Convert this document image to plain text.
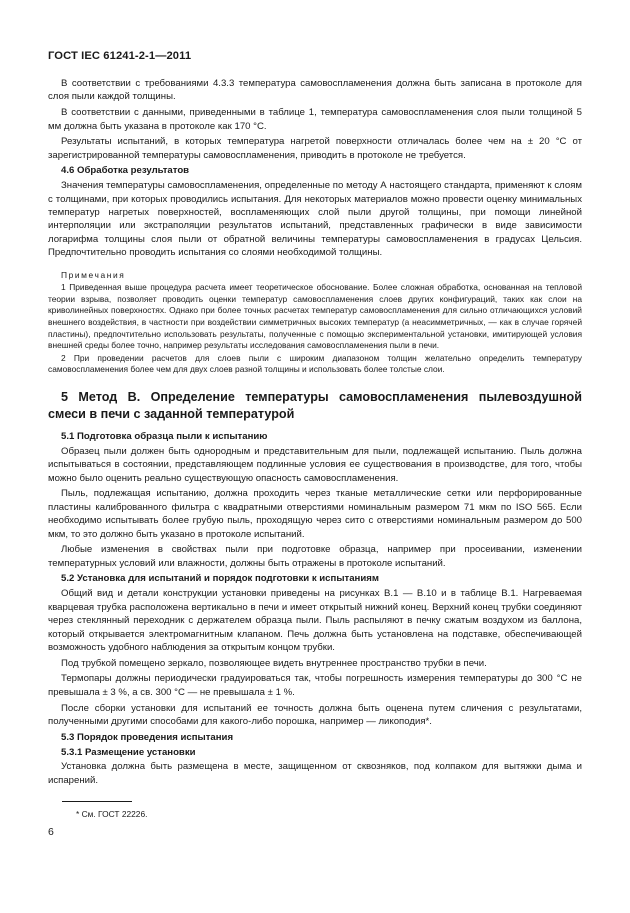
ГОСТ IEC 61241-2-1—2011

В соответствии с требованиями 4.3.3 температура самовоспламенения должна быть записана в протоколе для слоя пыли каждой толщины.

В соответствии с данными, приведенными в таблице 1, температура самовоспламенения слоя пыли толщиной 5 мм должна быть указана в протоколе как 170 °С.

Результаты испытаний, в которых температура нагретой поверхности отличалась более чем на ± 20 °С от зарегистрированной температуры самовоспламенения, приводить в протоколе не требуется.

4.6 Обработка результатов

Значения температуры самовоспламенения, определенные по методу А настоящего стандарта, применяют к слоям с толщинами, при которых проводились испытания. Для некоторых материалов можно провести оценку минимальных температур нагретых поверхностей, воспламеняющих слой пыли другой толщины, при помощи линейной интерполяции или экстраполяции результатов испытаний, представленных графически в виде зависимости логарифма толщины слоя пыли от обратной величины температуры самовоспламенения в градусах Цельсия. Предпочтительно проводить испытания со слоями необходимой толщины.

Примечания

1 Приведенная выше процедура расчета имеет теоретическое обоснование. Более сложная обработка, основанная на тепловой теории взрыва, позволяет проводить оценки температур самовоспламенения слоев других конфигураций, таких как слои на криволинейных поверхностях. Однако при более точных расчетах температур самовоспламенения для сильно отличающихся условий внешнего воздействия, в частности при воздействии симметричных высоких температур (а неасимметричных, — как в случае горячей пластины), предпочтительно использовать результаты, полученные с помощью экспериментальной установки, имитирующей условия внешней среды более точно, например результаты исследования самовоспламенения пыли в печи.

2 При проведении расчетов для слоев пыли с широким диапазоном толщин желательно определить температуру самовоспламенения более чем для двух слоев разной толщины и использовать более толстые слои.

5 Метод В. Определение температуры самовоспламенения пылевоздушной смеси в печи с заданной температурой

5.1 Подготовка образца пыли к испытанию

Образец пыли должен быть однородным и представительным для пыли, подлежащей испытанию. Пыль должна испытываться в состоянии, представляющем подлинные условия ее существования в производстве, для того, чтобы можно было оценить реально существующую опасность самовоспламенения.

Пыль, подлежащая испытанию, должна проходить через тканые металлические сетки или перфорированные пластины калиброванного фильтра с квадратными отверстиями номинальным размером 71 мкм по ISO 565. Если необходимо испытывать более грубую пыль, проходящую через сито с отверстиями номинальным размером до 500 мкм, то это должно быть указано в протоколе испытаний.

Любые изменения в свойствах пыли при подготовке образца, например при просеивании, изменении температурных условий или влажности, должны быть отражены в протоколе испытаний.

5.2 Установка для испытаний и порядок подготовки к испытаниям

Общий вид и детали конструкции установки приведены на рисунках В.1 — В.10 и в таблице В.1. Нагреваемая кварцевая трубка расположена вертикально в печи и имеет открытый нижний конец. Верхний конец трубки соединяют через стеклянный переходник с держателем образца пыли. Пыль распыляют в печку сжатым воздухом из баллона, который открывается электромагнитным клапаном. Печь должна быть установлена на подставке, обеспечивающей возможность удобного наблюдения за открытым концом трубки.

Под трубкой помещено зеркало, позволяющее видеть внутреннее пространство трубки в печи.

Термопары должны периодически градуироваться так, чтобы погрешность измерения температуры до 300 °С не превышала ± 3 %, а св. 300 °С — не превышала ± 1 %.

После сборки установки для испытаний ее точность должна быть оценена путем сличения с результатами, полученными другими способами для какого-либо порошка, например — ликоподия*.

5.3 Порядок проведения испытания

5.3.1 Размещение установки

Установка должна быть размещена в месте, защищенном от сквозняков, под колпаком для вытяжки дыма и испарений.

* См. ГОСТ 22226.
6
